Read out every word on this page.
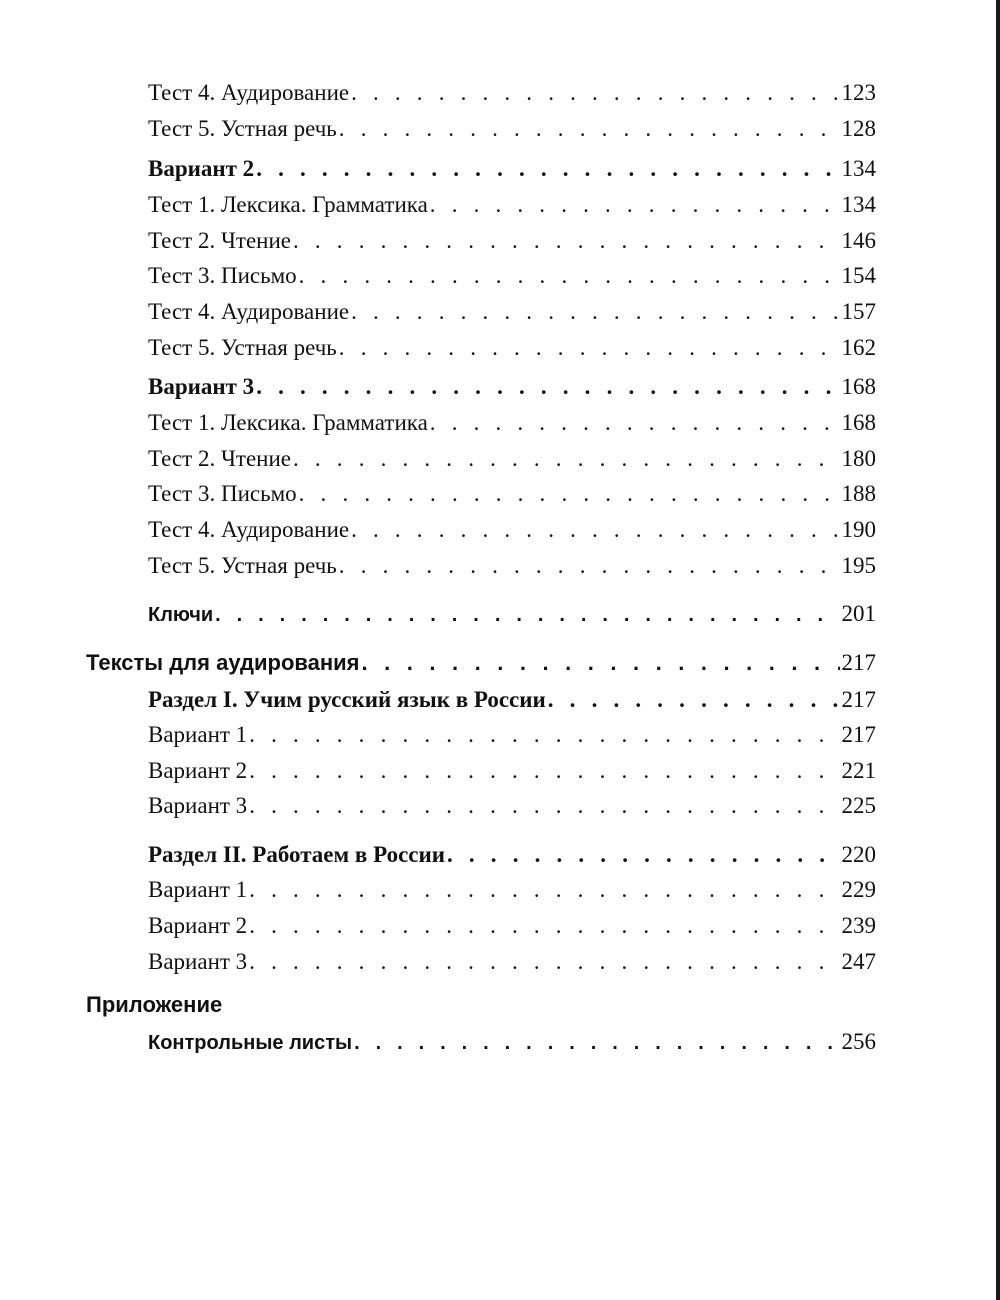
Тест 4. Аудирование . . .	123
Тест 5. Устная речь . . .	128
Вариант 2 . . .	134
Тест 1. Лексика. Грамматика . . .	134
Тест 2. Чтение . . .	146
Тест 3. Письмо . . .	154
Тест 4. Аудирование . . .	157
Тест 5. Устная речь . . .	162
Вариант 3 . . .	168
Тест 1. Лексика. Грамматика . . .	168
Тест 2. Чтение . . .	180
Тест 3. Письмо . . .	188
Тест 4. Аудирование . . .	190
Тест 5. Устная речь . . .	195
Ключи . . .	201
Тексты для аудирования . . .	217
Раздел I. Учим русский язык в России . . .	217
Вариант 1 . . .	217
Вариант 2 . . .	221
Вариант 3 . . .	225
Раздел II. Работаем в России . . .	220
Вариант 1 . . .	229
Вариант 2 . . .	239
Вариант 3 . . .	247
Приложение
Контрольные листы . . .	256
